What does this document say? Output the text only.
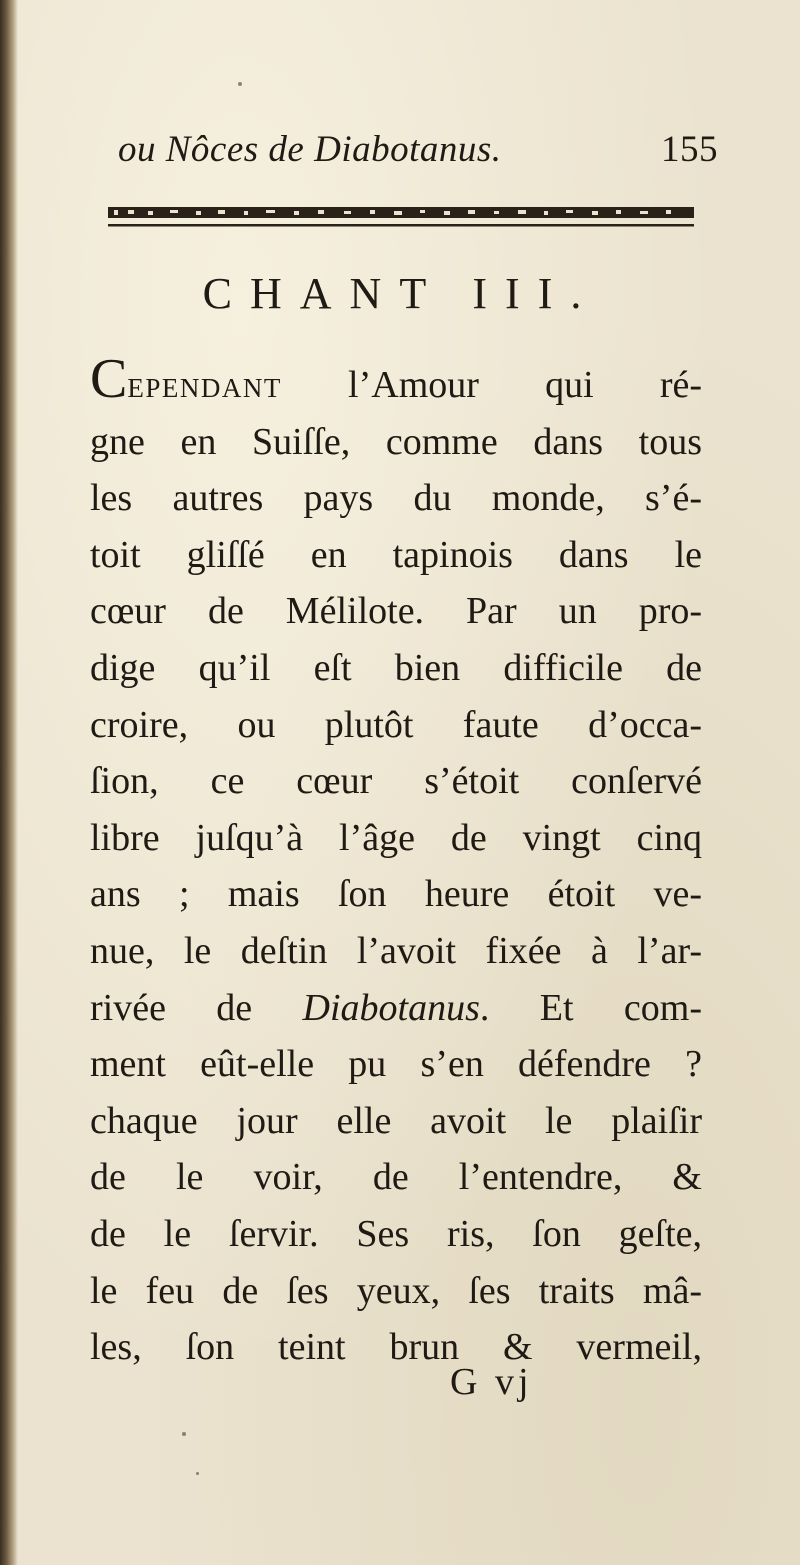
ou Nôces de Diabotanus.	155
CHANT III.
CEPENDANT l’Amour qui ré-
gne en Suiſſe, comme dans tous
les autres pays du monde, s’é-
toit gliſſé en tapinois dans le
cœur de Mélilote. Par un pro-
dige qu’il eſt bien difficile de
croire, ou plutôt faute d’occa-
ſion, ce cœur s’étoit conſervé
libre juſqu’à l’âge de vingt cinq
ans ; mais ſon heure étoit ve-
nue, le deſtin l’avoit fixée à l’ar-
rivée de Diabotanus. Et com-
ment eût-elle pu s’en défendre ?
chaque jour elle avoit le plaiſir
de le voir, de l’entendre, &
de le ſervir. Ses ris, ſon geſte,
le feu de ſes yeux, ſes traits mâ-
les, ſon teint brun & vermeil,
G vj
